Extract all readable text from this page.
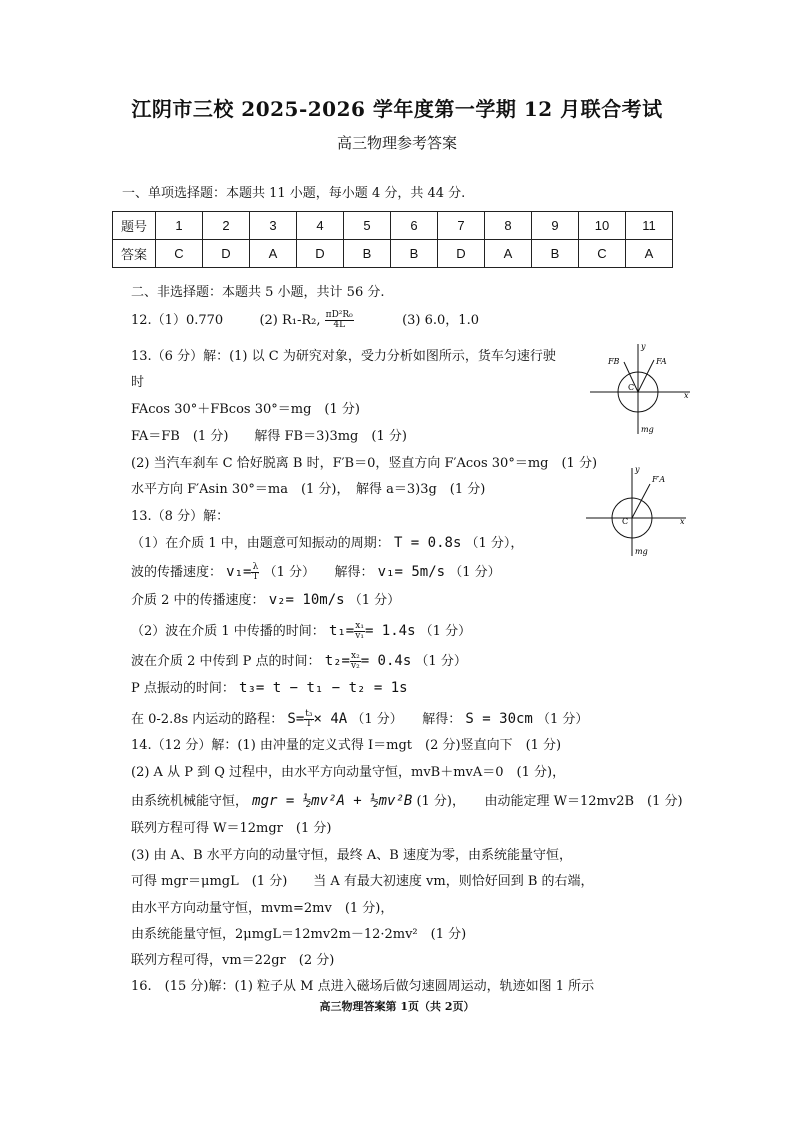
江阴市三校 2025-2026 学年度第一学期 12 月联合考试
高三物理参考答案
一、单项选择题：本题共 11 小题，每小题 4 分，共 44 分.
题号	1	2	3	4	5	6	7	8	9	10	11
答案	C	D	A	D	B	B	D	A	B	C	A
二、非选择题：本题共 5 小题，共计 56 分.
12.（1）0.770	(2) R₁-R₂, $\frac{\text{πD²R₀}}{4L}$	(3) 6.0，1.0
13.（6 分）解：(1) 以 C 为研究对象，受力分析如图所示，货车匀速行驶
时
FAcos 30°＋FBcos 30°＝mg　(1 分)
FA＝FB　(1 分)　　解得 FB＝3)3mg　(1 分)
(2) 当汽车刹车 C 恰好脱离 B 时，F′B＝0，竖直方向 F′Acos 30°＝mg　(1 分)
水平方向 F′Asin 30°＝ma　(1 分)，　解得 a＝3)3g　(1 分)
x
y
FB	FA
C
mg
x
y
F′A
C
mg
13.（8 分）解：
（1）在介质 1 中，由题意可知振动的周期： T = 0.8s （1 分），
波的传播速度： $v_1= \frac{\lambda}{T} (1$ 分）　　解得： v₁= 5m/s （1 分）
介质 2 中的传播速度： v₂= 10m/s （1 分）
（2）波在介质 1 中传播的时间： $t_1= \frac{\text{x₁}}{\text{v₁}} = 1.4s$ （1 分）
波在介质 2 中传到 P 点的时间： $t_2= \frac{\text{x₂}}{\text{v₂}} = 0.4s$ （1 分）
P 点振动的时间： t₃= t − t₁ − t₂ = 1s
在 0-2.8s 内运动的路程： $S= \frac{\text{t₃}}{T} \times 4A$ （1 分）　　解得： S = 30cm （1 分）
14.（12 分）解：(1) 由冲量的定义式得 I＝mgt　(2 分)竖直向下　(1 分)
(2) A 从 P 到 Q 过程中，由水平方向动量守恒，mvB＋mvA＝0　(1 分)，
由系统机械能守恒， mgr = ½mv²A + ½mv²B (1 分)，　　由动能定理 W＝12mv2B　(1 分)
联列方程可得 W＝12mgr　(1 分)
(3) 由 A、B 水平方向的动量守恒，最终 A、B 速度为零，由系统能量守恒，
可得 mgr＝μmgL　(1 分)　　当 A 有最大初速度 vm，则恰好回到 B 的右端，
由水平方向动量守恒，mvm=2mv　(1 分)，
由系统能量守恒，2μmgL＝12mv2m－12·2mv²　(1 分)
联列方程可得，vm＝22gr　(2 分)
16.　(15 分)解：(1) 粒子从 M 点进入磁场后做匀速圆周运动，轨迹如图 1 所示
高三物理答案第 1页（共 2页）
